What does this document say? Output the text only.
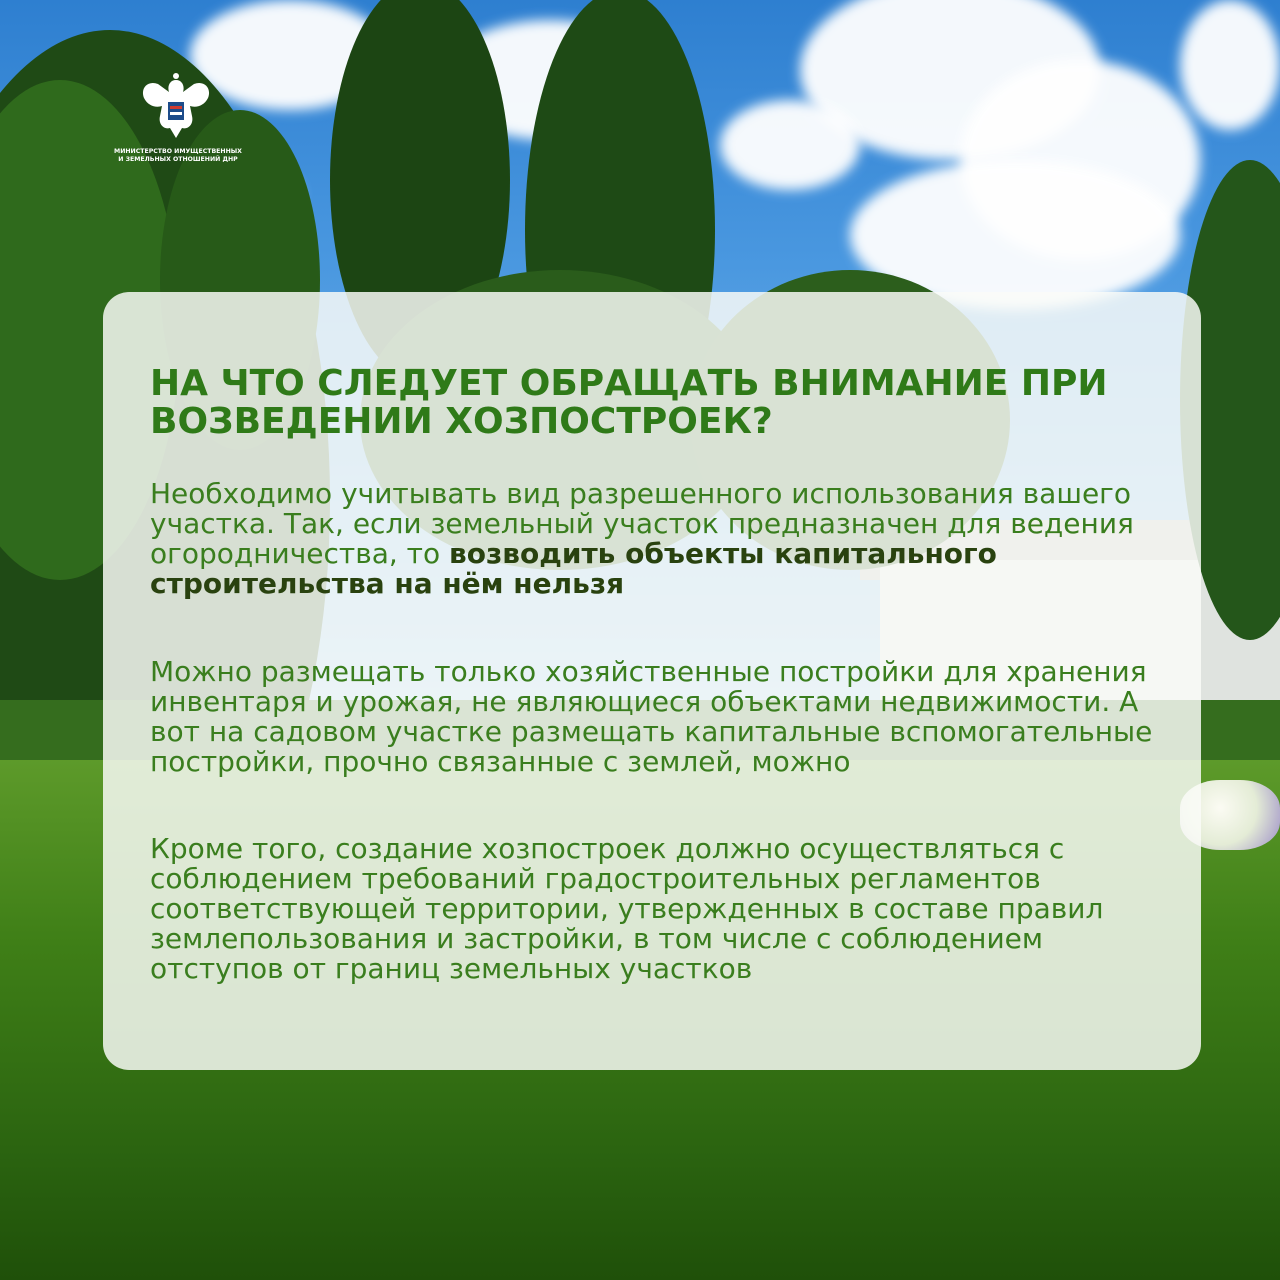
МИНИСТЕРСТВО ИМУЩЕСТВЕННЫХ
И ЗЕМЕЛЬНЫХ ОТНОШЕНИЙ ДНР

НА ЧТО СЛЕДУЕТ ОБРАЩАТЬ ВНИМАНИЕ ПРИ ВОЗВЕДЕНИИ ХОЗПОСТРОЕК?

Необходимо учитывать вид разрешенного использования вашего участка. Так, если земельный участок предназначен для ведения огородничества, то возводить объекты капитального строительства на нём нельзя

Можно размещать только хозяйственные постройки для хранения инвентаря и урожая, не являющиеся объектами недвижимости. А вот на садовом участке размещать капитальные вспомогательные постройки, прочно связанные с землей, можно

Кроме того, создание хозпостроек должно осуществляться с соблюдением требований градостроительных регламентов соответствующей территории, утвержденных в составе правил землепользования и застройки, в том числе с соблюдением отступов от границ земельных участков
